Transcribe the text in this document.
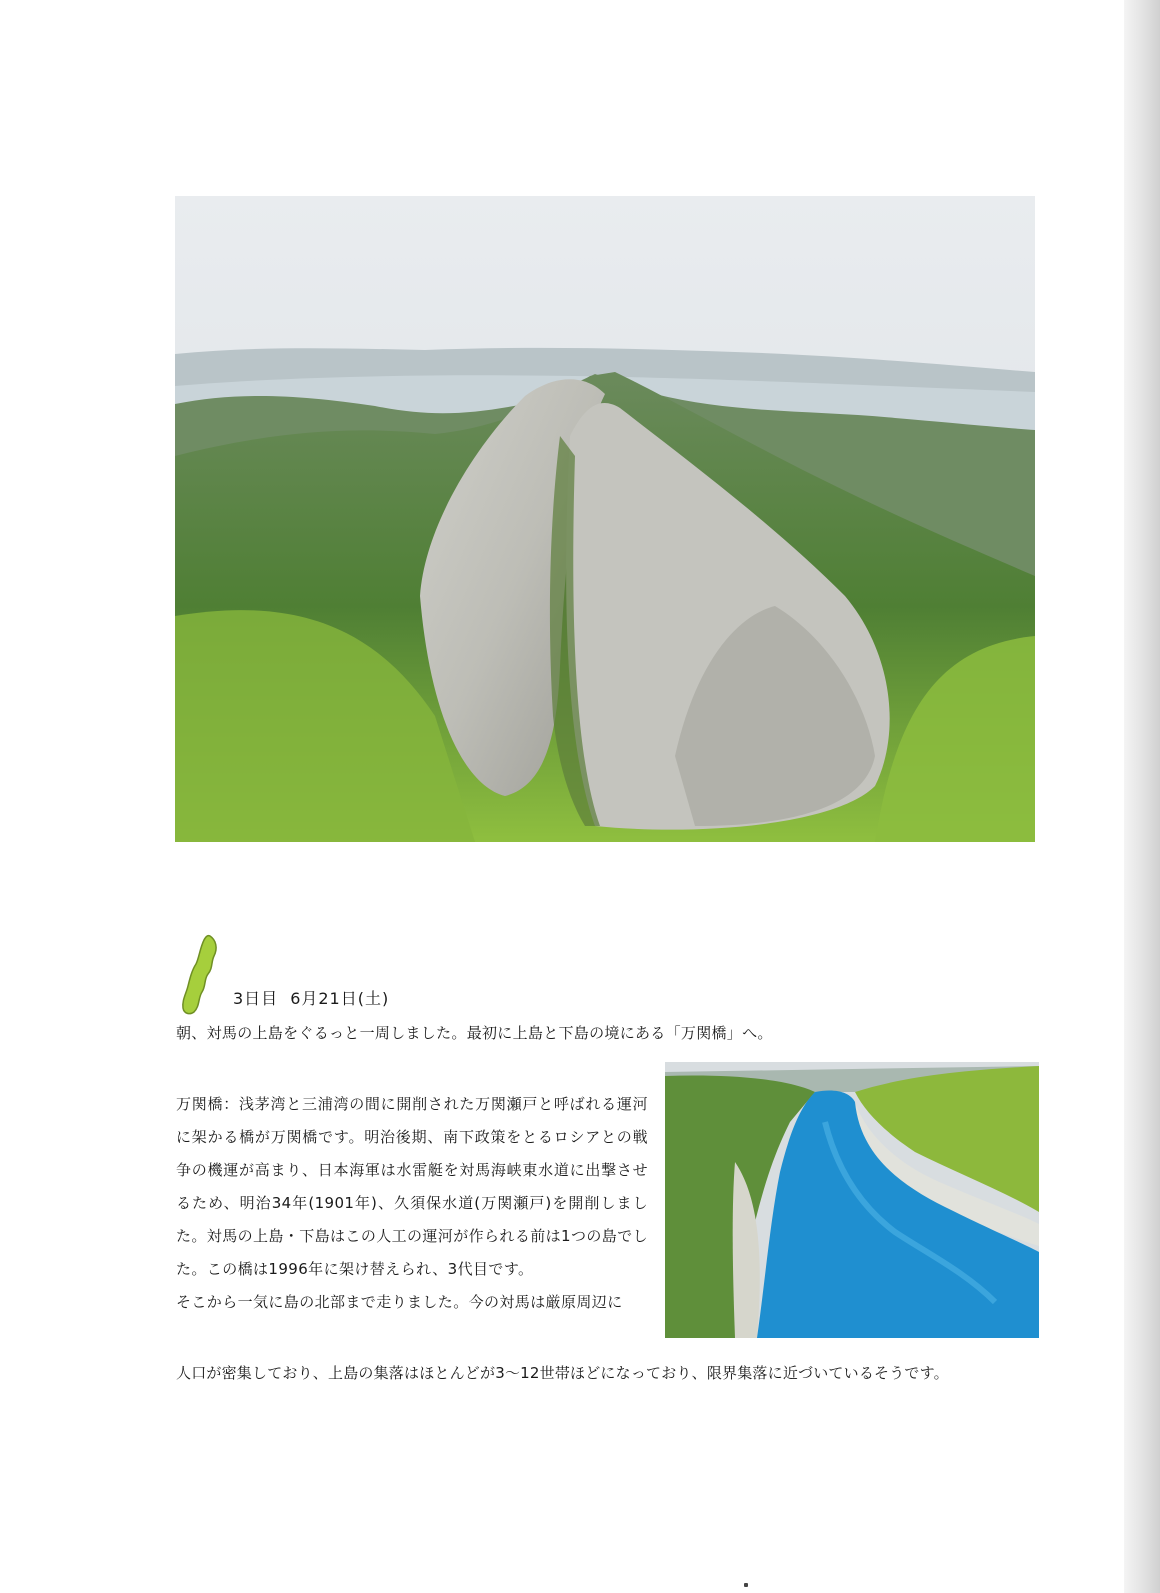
3日目 6月21日(土)
朝、対馬の上島をぐるっと一周しました。最初に上島と下島の境にある「万関橋」へ。

万関橋：浅茅湾と三浦湾の間に開削された万関瀬戸と呼ばれる運河に架かる橋が万関橋です。明治後期、南下政策をとるロシアとの戦争の機運が高まり、日本海軍は水雷艇を対馬海峡東水道に出撃させるため、明治34年(1901年)、久須保水道(万関瀬戸)を開削しました。対馬の上島・下島はこの人工の運河が作られる前は1つの島でした。この橋は1996年に架け替えられ、3代目です。

そこから一気に島の北部まで走りました。今の対馬は厳原周辺に

人口が密集しており、上島の集落はほとんどが3～12世帯ほどになっており、限界集落に近づいているそうです。
